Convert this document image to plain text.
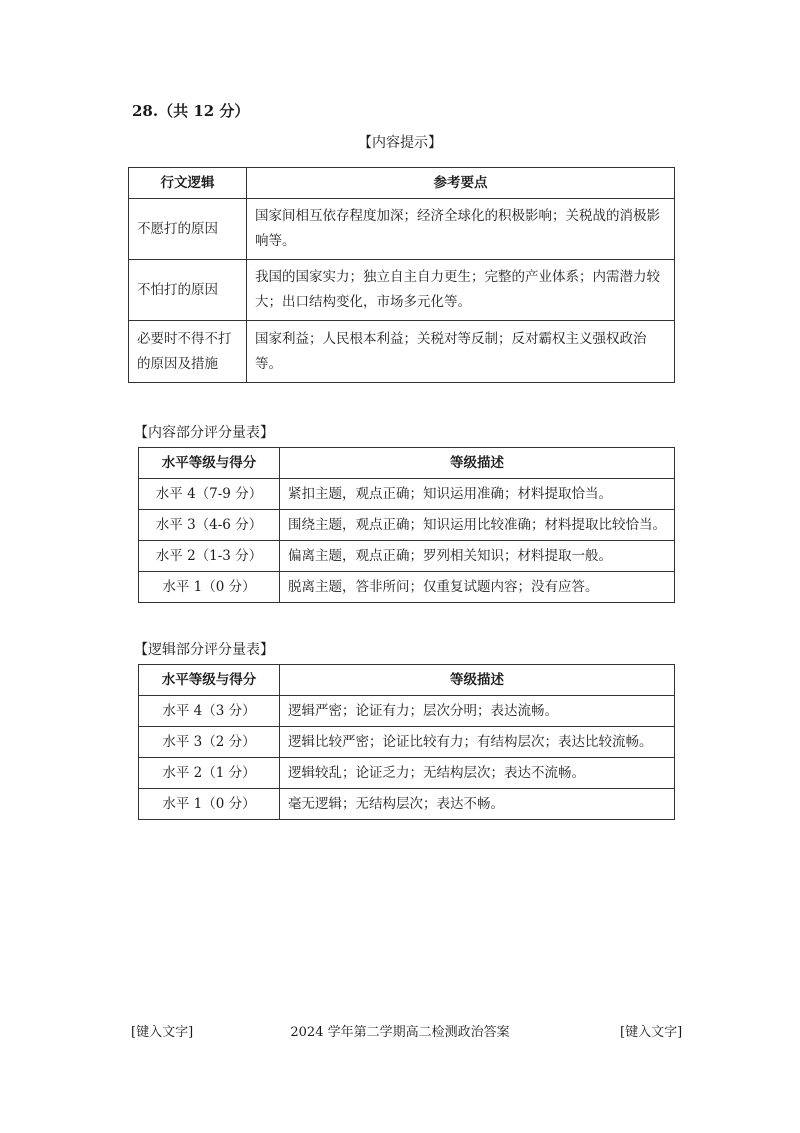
28.（共 12 分）
【内容提示】
行文逻辑	参考要点
不愿打的原因	国家间相互依存程度加深；经济全球化的积极影响；关税战的消极影响等。
不怕打的原因	我国的国家实力；独立自主自力更生；完整的产业体系；内需潜力较大；出口结构变化，市场多元化等。
必要时不得不打的原因及措施	国家利益；人民根本利益；关税对等反制；反对霸权主义强权政治等。
【内容部分评分量表】
水平等级与得分	等级描述
水平 4（7-9 分）	紧扣主题，观点正确；知识运用准确；材料提取恰当。
水平 3（4-6 分）	围绕主题，观点正确；知识运用比较准确；材料提取比较恰当。
水平 2（1-3 分）	偏离主题，观点正确；罗列相关知识；材料提取一般。
水平 1（0 分）	脱离主题，答非所问；仅重复试题内容；没有应答。
【逻辑部分评分量表】
水平等级与得分	等级描述
水平 4（3 分）	逻辑严密；论证有力；层次分明；表达流畅。
水平 3（2 分）	逻辑比较严密；论证比较有力；有结构层次；表达比较流畅。
水平 2（1 分）	逻辑较乱；论证乏力；无结构层次；表达不流畅。
水平 1（0 分）	毫无逻辑；无结构层次；表达不畅。
[键入文字]	2024 学年第二学期高二检测政治答案	[键入文字]
